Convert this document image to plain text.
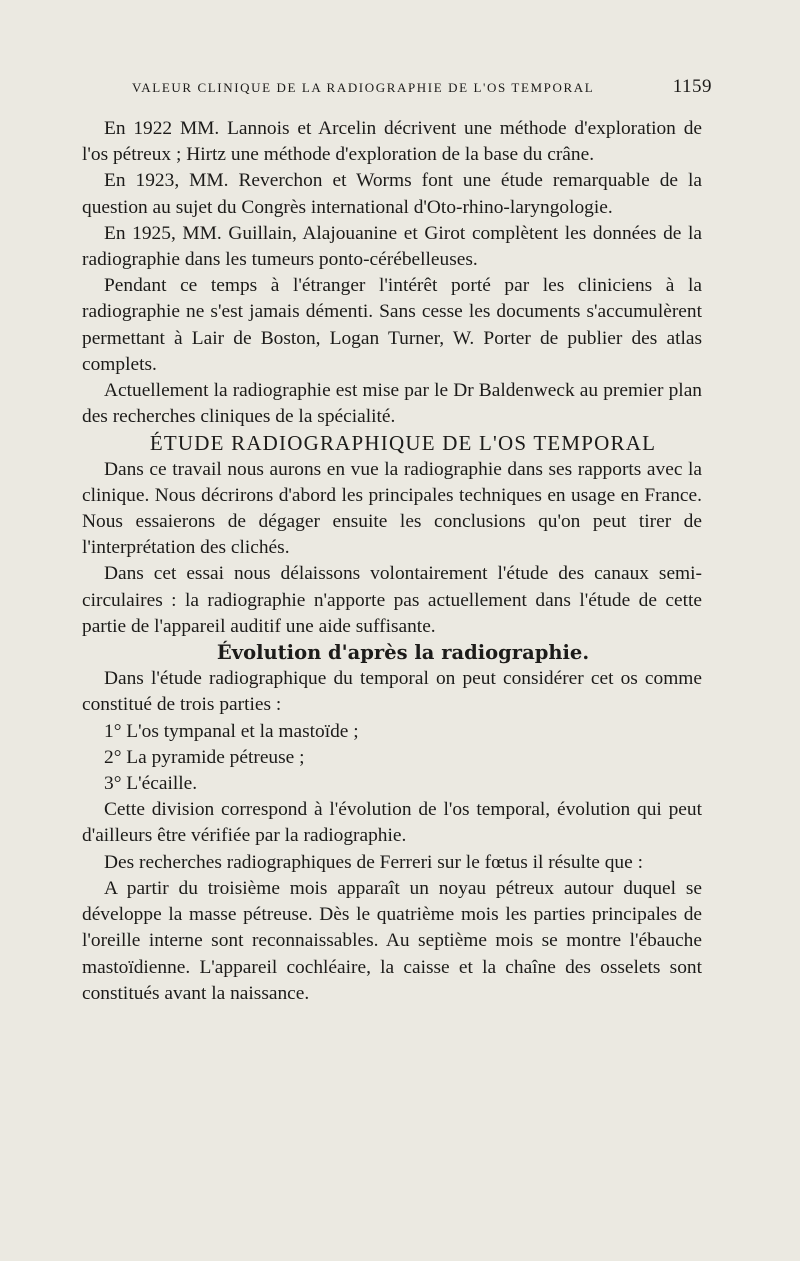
VALEUR CLINIQUE DE LA RADIOGRAPHIE DE L'OS TEMPORAL	1159

En 1922 MM. Lannois et Arcelin décrivent une méthode d'exploration de l'os pétreux ; Hirtz une méthode d'exploration de la base du crâne.

En 1923, MM. Reverchon et Worms font une étude remarquable de la question au sujet du Congrès international d'Oto-rhino-laryngologie.

En 1925, MM. Guillain, Alajouanine et Girot complètent les données de la radiographie dans les tumeurs ponto-cérébelleuses.

Pendant ce temps à l'étranger l'intérêt porté par les cliniciens à la radiographie ne s'est jamais démenti. Sans cesse les documents s'accumulèrent permettant à Lair de Boston, Logan Turner, W. Porter de publier des atlas complets.

Actuellement la radiographie est mise par le Dr Baldenweck au premier plan des recherches cliniques de la spécialité.

ÉTUDE RADIOGRAPHIQUE DE L'OS TEMPORAL

Dans ce travail nous aurons en vue la radiographie dans ses rapports avec la clinique. Nous décrirons d'abord les principales techniques en usage en France. Nous essaierons de dégager ensuite les conclusions qu'on peut tirer de l'interprétation des clichés.

Dans cet essai nous délaissons volontairement l'étude des canaux semi-circulaires : la radiographie n'apporte pas actuellement dans l'étude de cette partie de l'appareil auditif une aide suffisante.

Évolution d'après la radiographie.

Dans l'étude radiographique du temporal on peut considérer cet os comme constitué de trois parties :

1° L'os tympanal et la mastoïde ;

2° La pyramide pétreuse ;

3° L'écaille.

Cette division correspond à l'évolution de l'os temporal, évolution qui peut d'ailleurs être vérifiée par la radiographie.

Des recherches radiographiques de Ferreri sur le fœtus il résulte que :

A partir du troisième mois apparaît un noyau pétreux autour duquel se développe la masse pétreuse. Dès le quatrième mois les parties principales de l'oreille interne sont reconnaissables. Au septième mois se montre l'ébauche mastoïdienne. L'appareil cochléaire, la caisse et la chaîne des osselets sont constitués avant la naissance.
